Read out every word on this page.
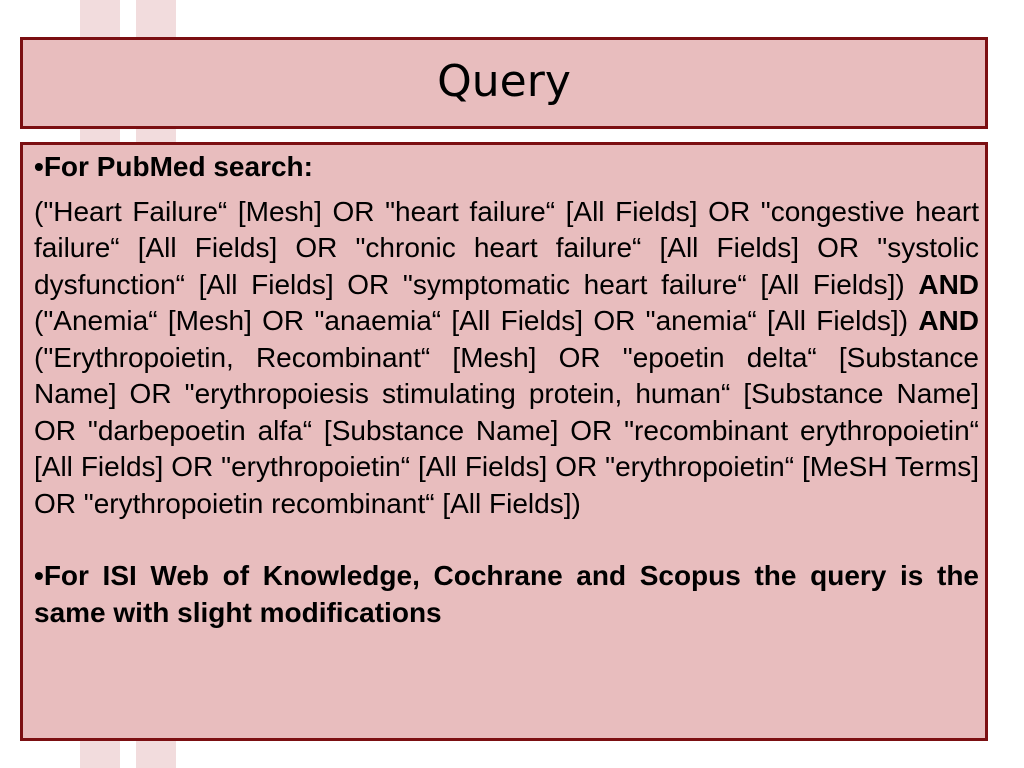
Query

•For PubMed search:

("Heart Failure“ [Mesh] OR "heart failure“ [All Fields] OR "congestive heart failure“ [All Fields] OR "chronic heart failure“ [All Fields] OR "systolic dysfunction“ [All Fields] OR "symptomatic heart failure“ [All Fields]) AND ("Anemia“ [Mesh] OR "anaemia“ [All Fields] OR "anemia“ [All Fields]) AND ("Erythropoietin, Recombinant“ [Mesh] OR "epoetin delta“ [Substance Name] OR "erythropoiesis stimulating protein, human“ [Substance Name] OR "darbepoetin alfa“ [Substance Name] OR "recombinant erythropoietin“ [All Fields] OR "erythropoietin“ [All Fields] OR "erythropoietin“ [MeSH Terms] OR "erythropoietin recombinant“ [All Fields])

•For ISI Web of Knowledge, Cochrane and Scopus the query is the same with slight modifications
